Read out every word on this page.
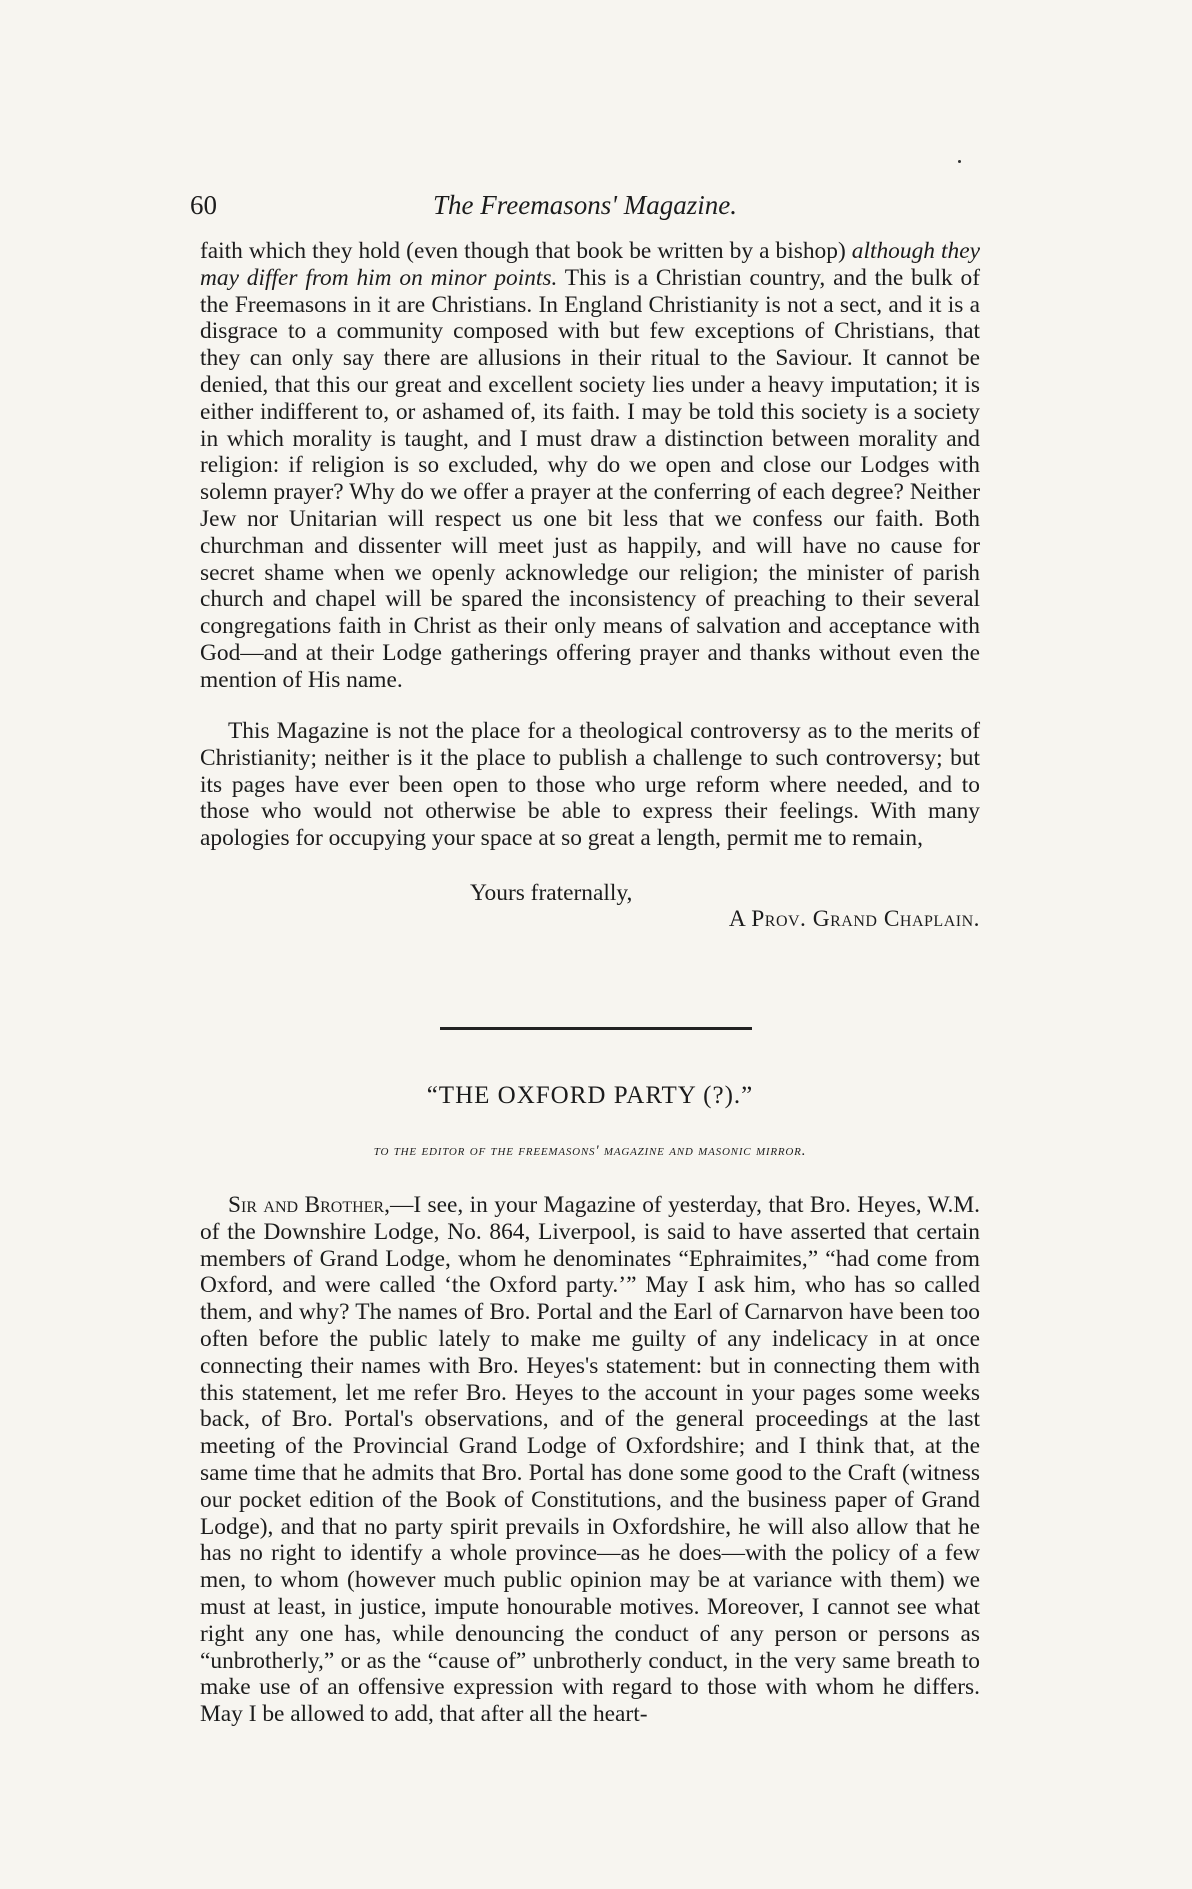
60	The Freemasons' Magazine.

faith which they hold (even though that book be written by a bishop) although they may differ from him on minor points. This is a Christian country, and the bulk of the Freemasons in it are Christians. In England Christianity is not a sect, and it is a disgrace to a community composed with but few exceptions of Christians, that they can only say there are allusions in their ritual to the Saviour. It cannot be denied, that this our great and excellent society lies under a heavy imputation; it is either indifferent to, or ashamed of, its faith. I may be told this society is a society in which morality is taught, and I must draw a distinction between morality and religion: if religion is so excluded, why do we open and close our Lodges with solemn prayer? Why do we offer a prayer at the conferring of each degree? Neither Jew nor Unitarian will respect us one bit less that we confess our faith. Both churchman and dissenter will meet just as happily, and will have no cause for secret shame when we openly acknowledge our religion; the minister of parish church and chapel will be spared the inconsistency of preaching to their several congregations faith in Christ as their only means of salvation and acceptance with God—and at their Lodge gatherings offering prayer and thanks without even the mention of His name.

This Magazine is not the place for a theological controversy as to the merits of Christianity; neither is it the place to publish a challenge to such controversy; but its pages have ever been open to those who urge reform where needed, and to those who would not otherwise be able to express their feelings. With many apologies for occupying your space at so great a length, permit me to remain,

Yours fraternally,
A Prov. Grand Chaplain.
“THE OXFORD PARTY (?).”
to the editor of the freemasons' magazine and masonic mirror.

Sir and Brother,—I see, in your Magazine of yesterday, that Bro. Heyes, W.M. of the Downshire Lodge, No. 864, Liverpool, is said to have asserted that certain members of Grand Lodge, whom he denominates “Ephraimites,” “had come from Oxford, and were called ‘the Oxford party.’” May I ask him, who has so called them, and why? The names of Bro. Portal and the Earl of Carnarvon have been too often before the public lately to make me guilty of any indelicacy in at once connecting their names with Bro. Heyes's statement: but in connecting them with this statement, let me refer Bro. Heyes to the account in your pages some weeks back, of Bro. Portal's observations, and of the general proceedings at the last meeting of the Provincial Grand Lodge of Oxfordshire; and I think that, at the same time that he admits that Bro. Portal has done some good to the Craft (witness our pocket edition of the Book of Constitutions, and the business paper of Grand Lodge), and that no party spirit prevails in Oxfordshire, he will also allow that he has no right to identify a whole province—as he does—with the policy of a few men, to whom (however much public opinion may be at variance with them) we must at least, in justice, impute honourable motives. Moreover, I cannot see what right any one has, while denouncing the conduct of any person or persons as “unbrotherly,” or as the “cause of” unbrotherly conduct, in the very same breath to make use of an offensive expression with regard to those with whom he differs. May I be allowed to add, that after all the heart-
